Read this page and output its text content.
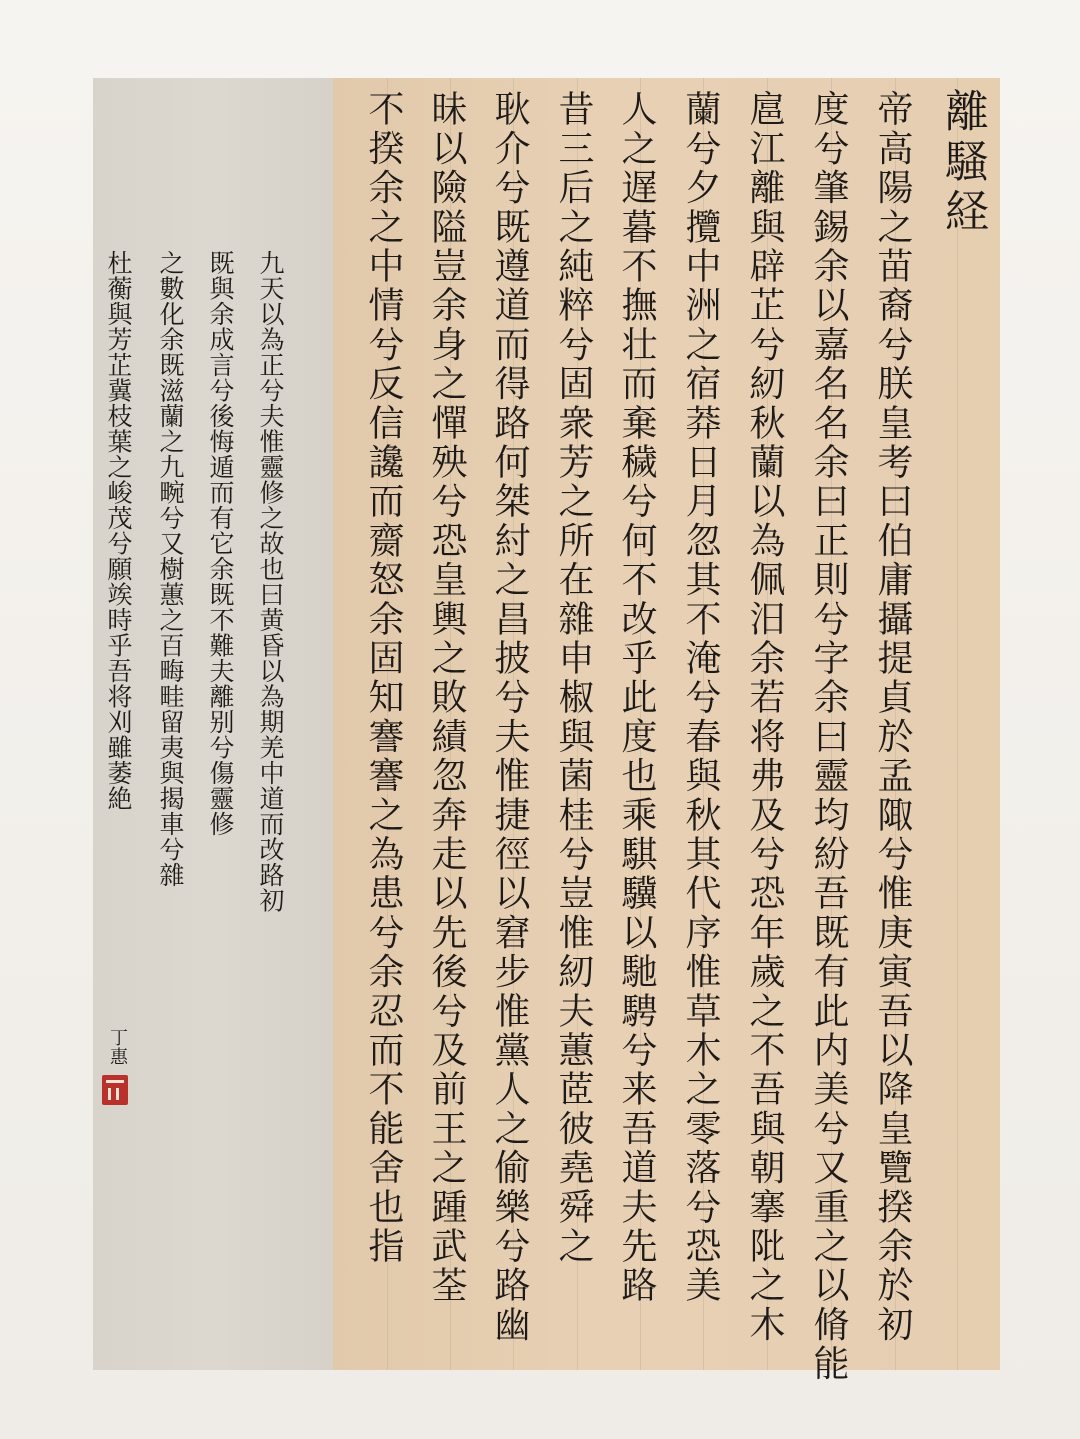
離騷経
帝高陽之苗裔兮朕皇考曰伯庸攝提貞於孟陬兮惟庚寅吾以降皇覽揆余於初
度兮肇錫余以嘉名名余曰正則兮字余曰靈均紛吾既有此内美兮又重之以脩能
扈江離與辟芷兮紉秋蘭以為佩汨余若将弗及兮恐年歲之不吾與朝搴阰之木
蘭兮夕攬中洲之宿莽日月忽其不淹兮春與秋其代序惟草木之零落兮恐美
人之遅暮不撫壮而棄穢兮何不改乎此度也乘騏驥以馳騁兮来吾道夫先路
昔三后之純粹兮固衆芳之所在雜申椒與菌桂兮豈惟紉夫蕙茝彼堯舜之
耿介兮既遵道而得路何桀紂之昌披兮夫惟捷徑以窘步惟黨人之偷樂兮路幽
昧以險隘豈余身之憚殃兮恐皇輿之敗績忽奔走以先後兮及前王之踵武荃
不揆余之中情兮反信讒而齌怒余固知謇謇之為患兮余忍而不能舍也指
九天以為正兮夫惟靈修之故也曰黄昏以為期羌中道而改路初
既與余成言兮後悔遁而有它余既不難夫離别兮傷靈修
之數化余既滋蘭之九畹兮又樹蕙之百畮畦留夷與揭車兮雜
杜蘅與芳芷冀枝葉之峻茂兮願竢時乎吾将刈雖萎絶
丁惠
